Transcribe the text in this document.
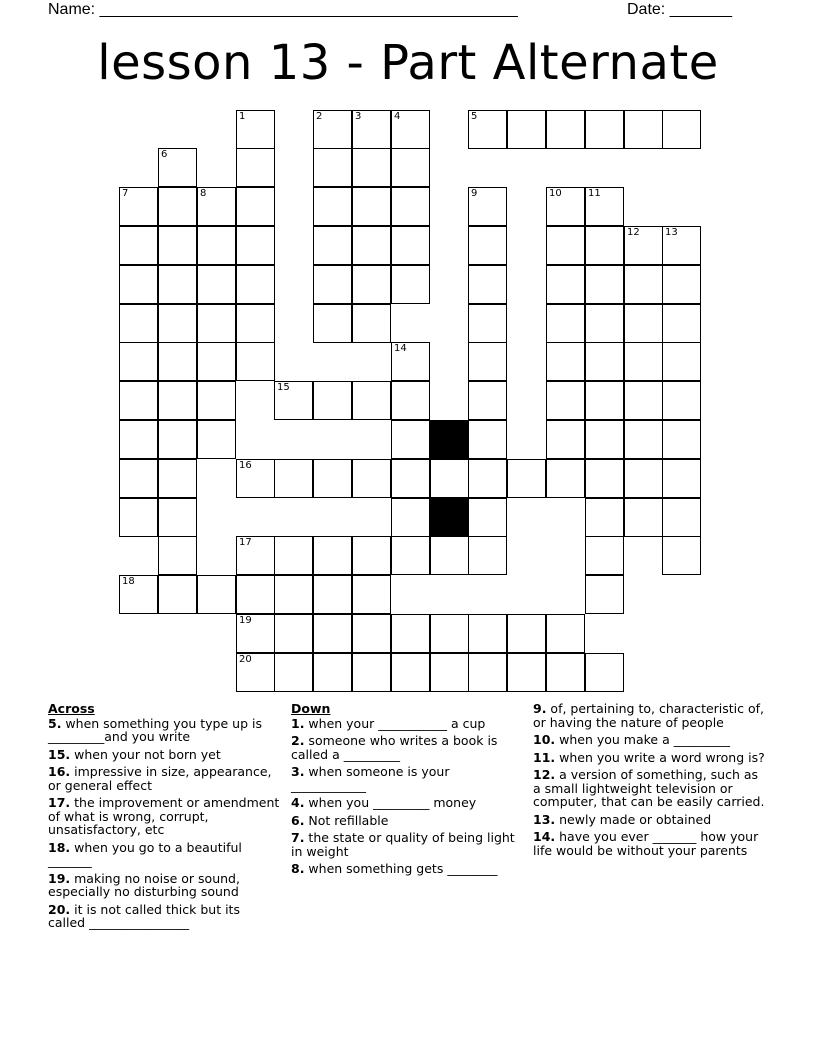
Name: _______________________________________________	Date: _______
lesson 13 - Part Alternate
1	2	3	4	5
6
7	8	9	10	11
12	13
14
15
16
17
18
19
20
Across
5. when something you type up is _________and you write
15. when your not born yet
16. impressive in size, appearance, or general effect
17. the improvement or amendment of what is wrong, corrupt, unsatisfactory, etc
18. when you go to a beautiful _______
19. making no noise or sound, especially no disturbing sound
20. it is not called thick but its called ________________
Down
1. when your ___________ a cup
2. someone who writes a book is called a _________
3. when someone is your ____________
4. when you _________ money
6. Not refillable
7. the state or quality of being light in weight
8. when something gets ________
9. of, pertaining to, characteristic of, or having the nature of people
10. when you make a _________
11. when you write a word wrong is?
12. a version of something, such as a small lightweight television or computer, that can be easily carried.
13. newly made or obtained
14. have you ever _______ how your life would be without your parents
